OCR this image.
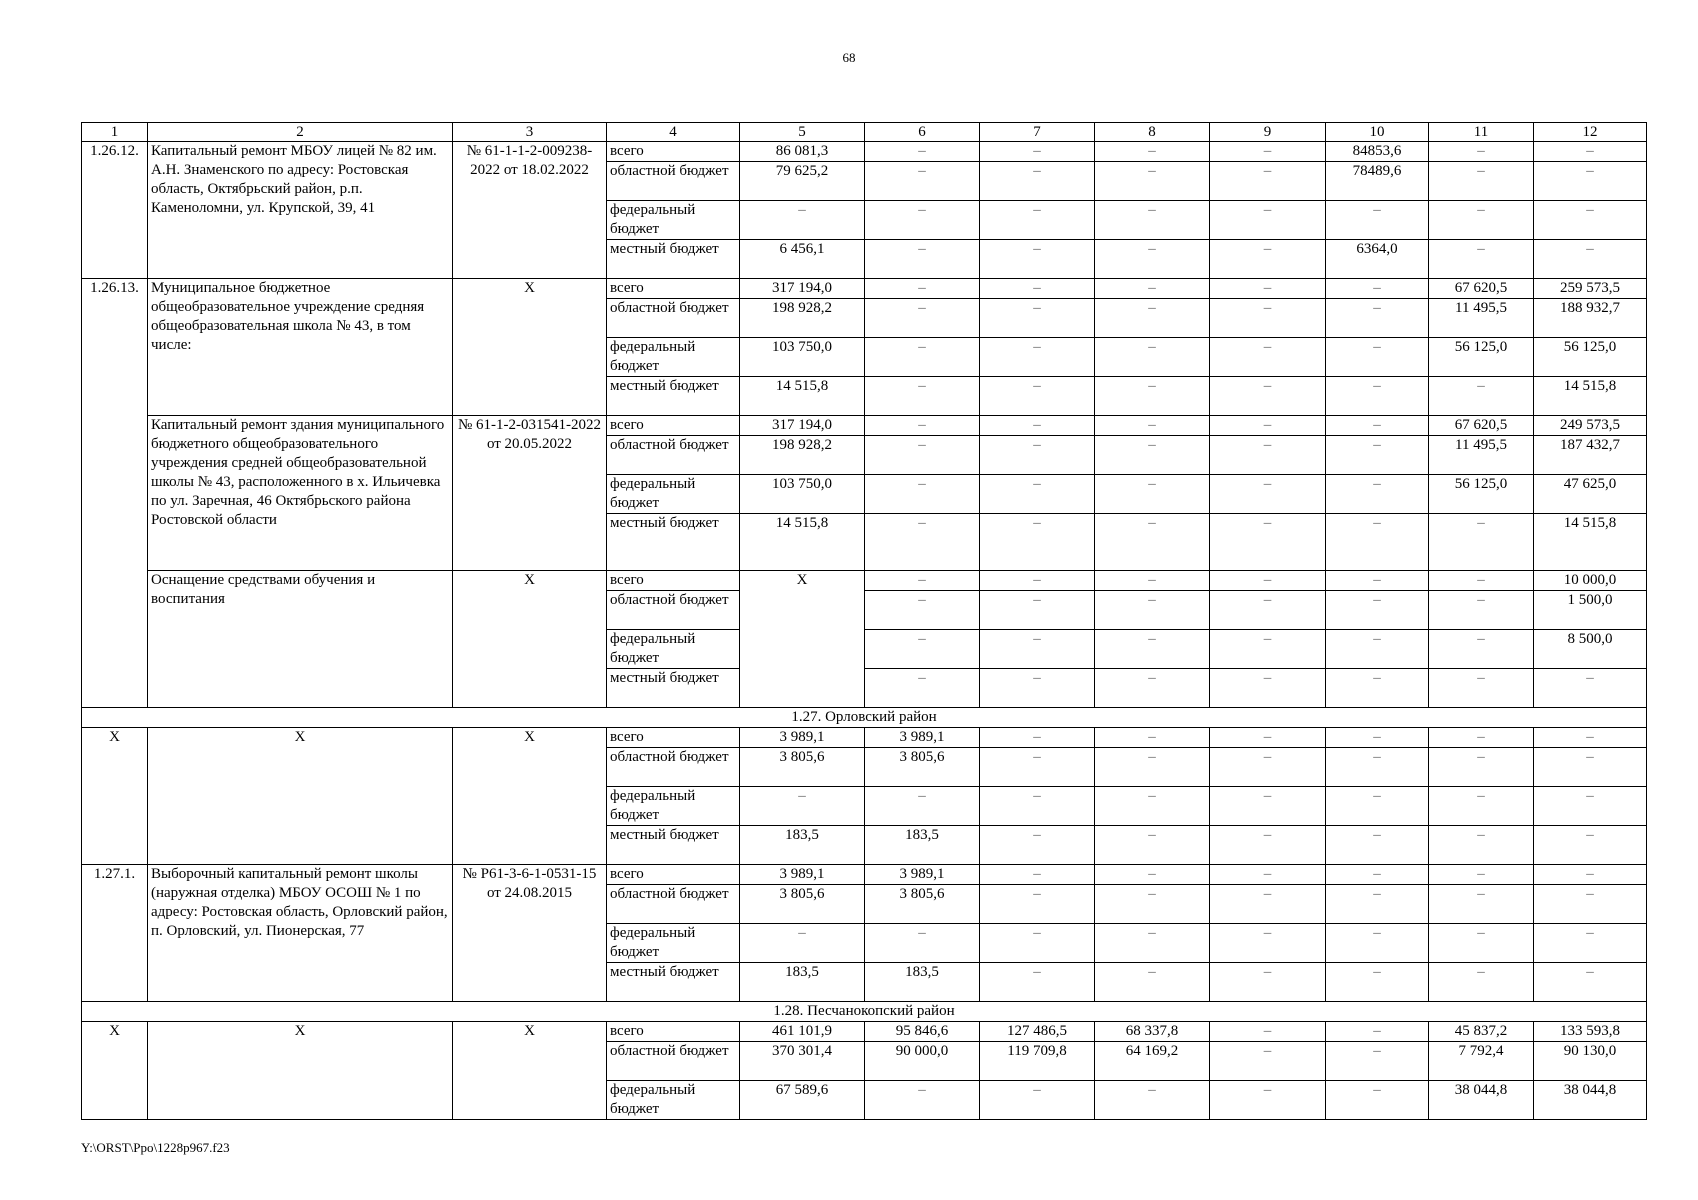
68
1	2	3	4	5	6	7	8	9	10	11	12
1.26.12.	Капитальный ремонт МБОУ лицей № 82 им. А.Н. Знаменского по адресу: Ростовская область, Октябрьский район, р.п. Каменоломни, ул. Крупской, 39, 41	№ 61-1-1-2-009238-2022 от 18.02.2022	всего	86 081,3	–	–	–	–	84853,6	–	–
			областной бюджет	79 625,2	–	–	–	–	78489,6	–	–
			федеральный бюджет	–	–	–	–	–	–	–	–
			местный бюджет	6 456,1	–	–	–	–	6364,0	–	–
1.26.13.	Муниципальное бюджетное общеобразовательное учреждение средняя общеобразовательная школа № 43, в том числе:	X	всего	317 194,0	–	–	–	–	–	67 620,5	259 573,5
			областной бюджет	198 928,2	–	–	–	–	–	11 495,5	188 932,7
			федеральный бюджет	103 750,0	–	–	–	–	–	56 125,0	56 125,0
			местный бюджет	14 515,8	–	–	–	–	–	–	14 515,8
	Капитальный ремонт здания муниципального бюджетного общеобразовательного учреждения средней общеобразовательной школы № 43, расположенного в х. Ильичевка по ул. Заречная, 46 Октябрьского района Ростовской области	№ 61-1-2-031541-2022 от 20.05.2022	всего	317 194,0	–	–	–	–	–	67 620,5	249 573,5
			областной бюджет	198 928,2	–	–	–	–	–	11 495,5	187 432,7
			федеральный бюджет	103 750,0	–	–	–	–	–	56 125,0	47 625,0
			местный бюджет	14 515,8	–	–	–	–	–	–	14 515,8
	Оснащение средствами обучения и воспитания	X	всего	X	–	–	–	–	–	–	10 000,0
			областной бюджет		–	–	–	–	–	–	1 500,0
			федеральный бюджет		–	–	–	–	–	–	8 500,0
			местный бюджет		–	–	–	–	–	–	–
1.27. Орловский район											
X	X	X	всего	3 989,1	3 989,1	–	–	–	–	–	–
			областной бюджет	3 805,6	3 805,6	–	–	–	–	–	–
			федеральный бюджет	–	–	–	–	–	–	–	–
			местный бюджет	183,5	183,5	–	–	–	–	–	–
1.27.1.	Выборочный капитальный ремонт школы (наружная отделка) МБОУ ОСОШ № 1 по адресу: Ростовская область, Орловский район, п. Орловский, ул. Пионерская, 77	№ Р61-3-6-1-0531-15 от 24.08.2015	всего	3 989,1	3 989,1	–	–	–	–	–	–
			областной бюджет	3 805,6	3 805,6	–	–	–	–	–	–
			федеральный бюджет	–	–	–	–	–	–	–	–
			местный бюджет	183,5	183,5	–	–	–	–	–	–
1.28. Песчанокопский район											
X	X	X	всего	461 101,9	95 846,6	127 486,5	68 337,8	–	–	45 837,2	133 593,8
			областной бюджет	370 301,4	90 000,0	119 709,8	64 169,2	–	–	7 792,4	90 130,0
			федеральный бюджет	67 589,6	–	–	–	–	–	38 044,8	38 044,8
Y:\ORST\Ppo\1228p967.f23
